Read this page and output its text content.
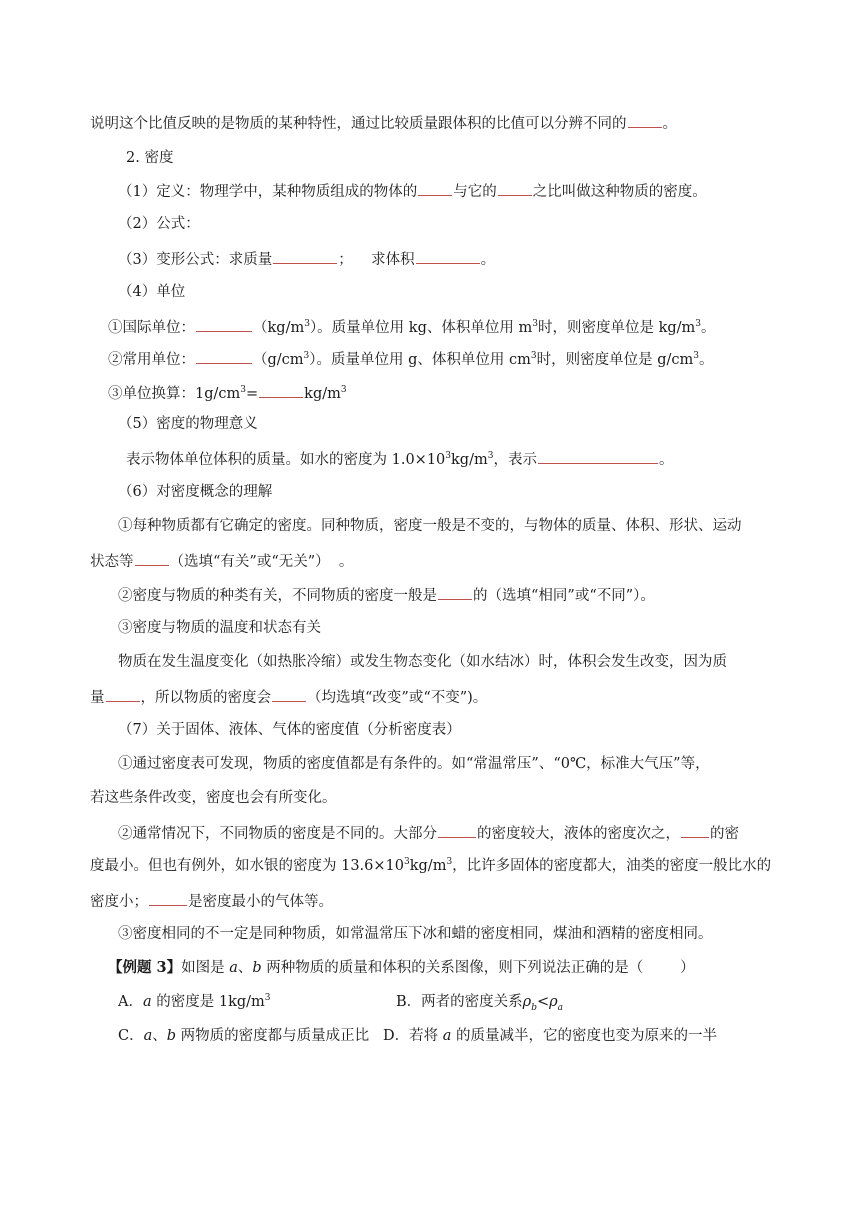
说明这个比值反映的是物质的某种特性，通过比较质量跟体积的比值可以分辨不同的 。
2. 密度
（1）定义：物理学中，某种物质组成的物体的 与它的 之比叫做这种物质的密度。
（2）公式：
（3）变形公式：求质量	；    求体积	。
（4）单位
①国际单位：	$(kg/m^3)$。质量单位用 kg、体积单位用 $m^3$时，则密度单位是 $kg/m^3$。
②常用单位：	$(g/cm^3)$。质量单位用 g、体积单位用 $cm^3$时，则密度单位是 $g/cm^3$。
③单位换算：$1g/cm^3=$	$kg/m^3$
（5）密度的物理意义
表示物体单位体积的质量。如水的密度为 $1.0\times 10^3kg/m^3$，表示	。
（6）对密度概念的理解
①每种物质都有它确定的密度。同种物质，密度一般是不变的，与物体的质量、体积、形状、运动
状态等 （选填“有关”或“无关”）  。
②密度与物质的种类有关，不同物质的密度一般是 的（选填“相同”或“不同”）。
③密度与物质的温度和状态有关
物质在发生温度变化（如热胀冷缩）或发生物态变化（如水结冰）时，体积会发生改变，因为质
量 ，所以物质的密度会 （均选填“改变”或“不变”)。
（7）关于固体、液体、气体的密度值（分析密度表）
①通过密度表可发现，物质的密度值都是有条件的。如“常温常压”、“0℃，标准大气压”等，
若这些条件改变，密度也会有所变化。
②通常情况下，不同物质的密度是不同的。大部分	的密度较大，液体的密度次之， 的密
度最小。但也有例外，如水银的密度为 $13.6\times 10^3kg/m^3$，比许多固体的密度都大，油类的密度一般比水的
密度小；	是密度最小的气体等。
③密度相同的不一定是同种物质，如常温常压下冰和蜡的密度相同，煤油和酒精的密度相同。
【例题 3】如图是 a、b 两种物质的质量和体积的关系图像，则下列说法正确的是（        ）
A．a 的密度是 $1kg/m^3$	B．两者的密度关系$\rho_b<\rho_a$
C．a、b 两物质的密度都与质量成正比   D．若将 a 的质量减半，它的密度也变为原来的一半
